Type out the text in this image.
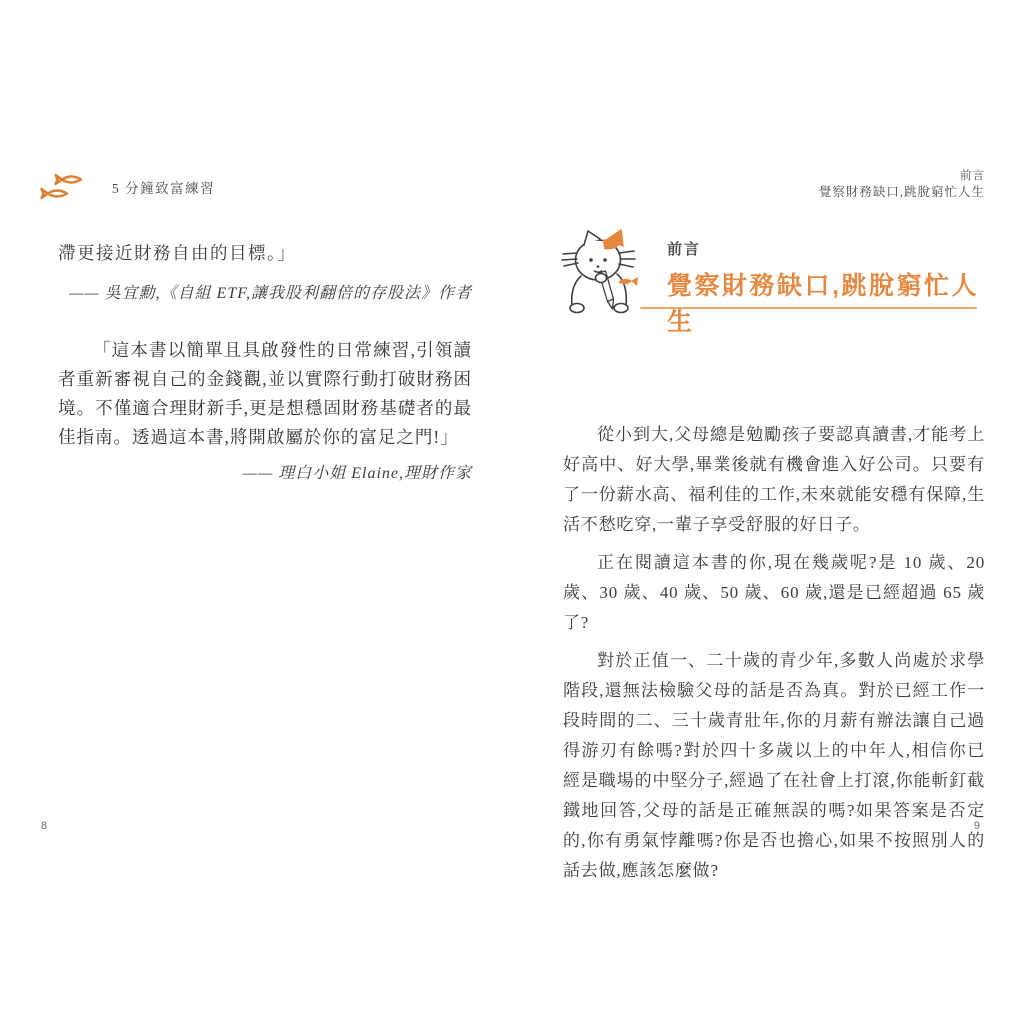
5 分鐘致富練習
前言
覺察財務缺口,跳脫窮忙人生

滯更接近財務自由的目標。」

—— 吳宜勳,《自組 ETF,讓我股利翻倍的存股法》作者

「這本書以簡單且具啟發性的日常練習,引領讀者重新審視自己的金錢觀,並以實際行動打破財務困境。不僅適合理財新手,更是想穩固財務基礎者的最佳指南。透過這本書,將開啟屬於你的富足之門!」

—— 理白小姐 Elaine,理財作家

前言
覺察財務缺口,跳脫窮忙人生

從小到大,父母總是勉勵孩子要認真讀書,才能考上好高中、好大學,畢業後就有機會進入好公司。只要有了一份薪水高、福利佳的工作,未來就能安穩有保障,生活不愁吃穿,一輩子享受舒服的好日子。

正在閱讀這本書的你,現在幾歲呢?是 10 歲、20 歲、30 歲、40 歲、50 歲、60 歲,還是已經超過 65 歲了?

對於正值一、二十歲的青少年,多數人尚處於求學階段,還無法檢驗父母的話是否為真。對於已經工作一段時間的二、三十歲青壯年,你的月薪有辦法讓自己過得游刃有餘嗎?對於四十多歲以上的中年人,相信你已經是職場的中堅分子,經過了在社會上打滾,你能斬釘截鐵地回答,父母的話是正確無誤的嗎?如果答案是否定的,你有勇氣悖離嗎?你是否也擔心,如果不按照別人的話去做,應該怎麼做?

8	9
